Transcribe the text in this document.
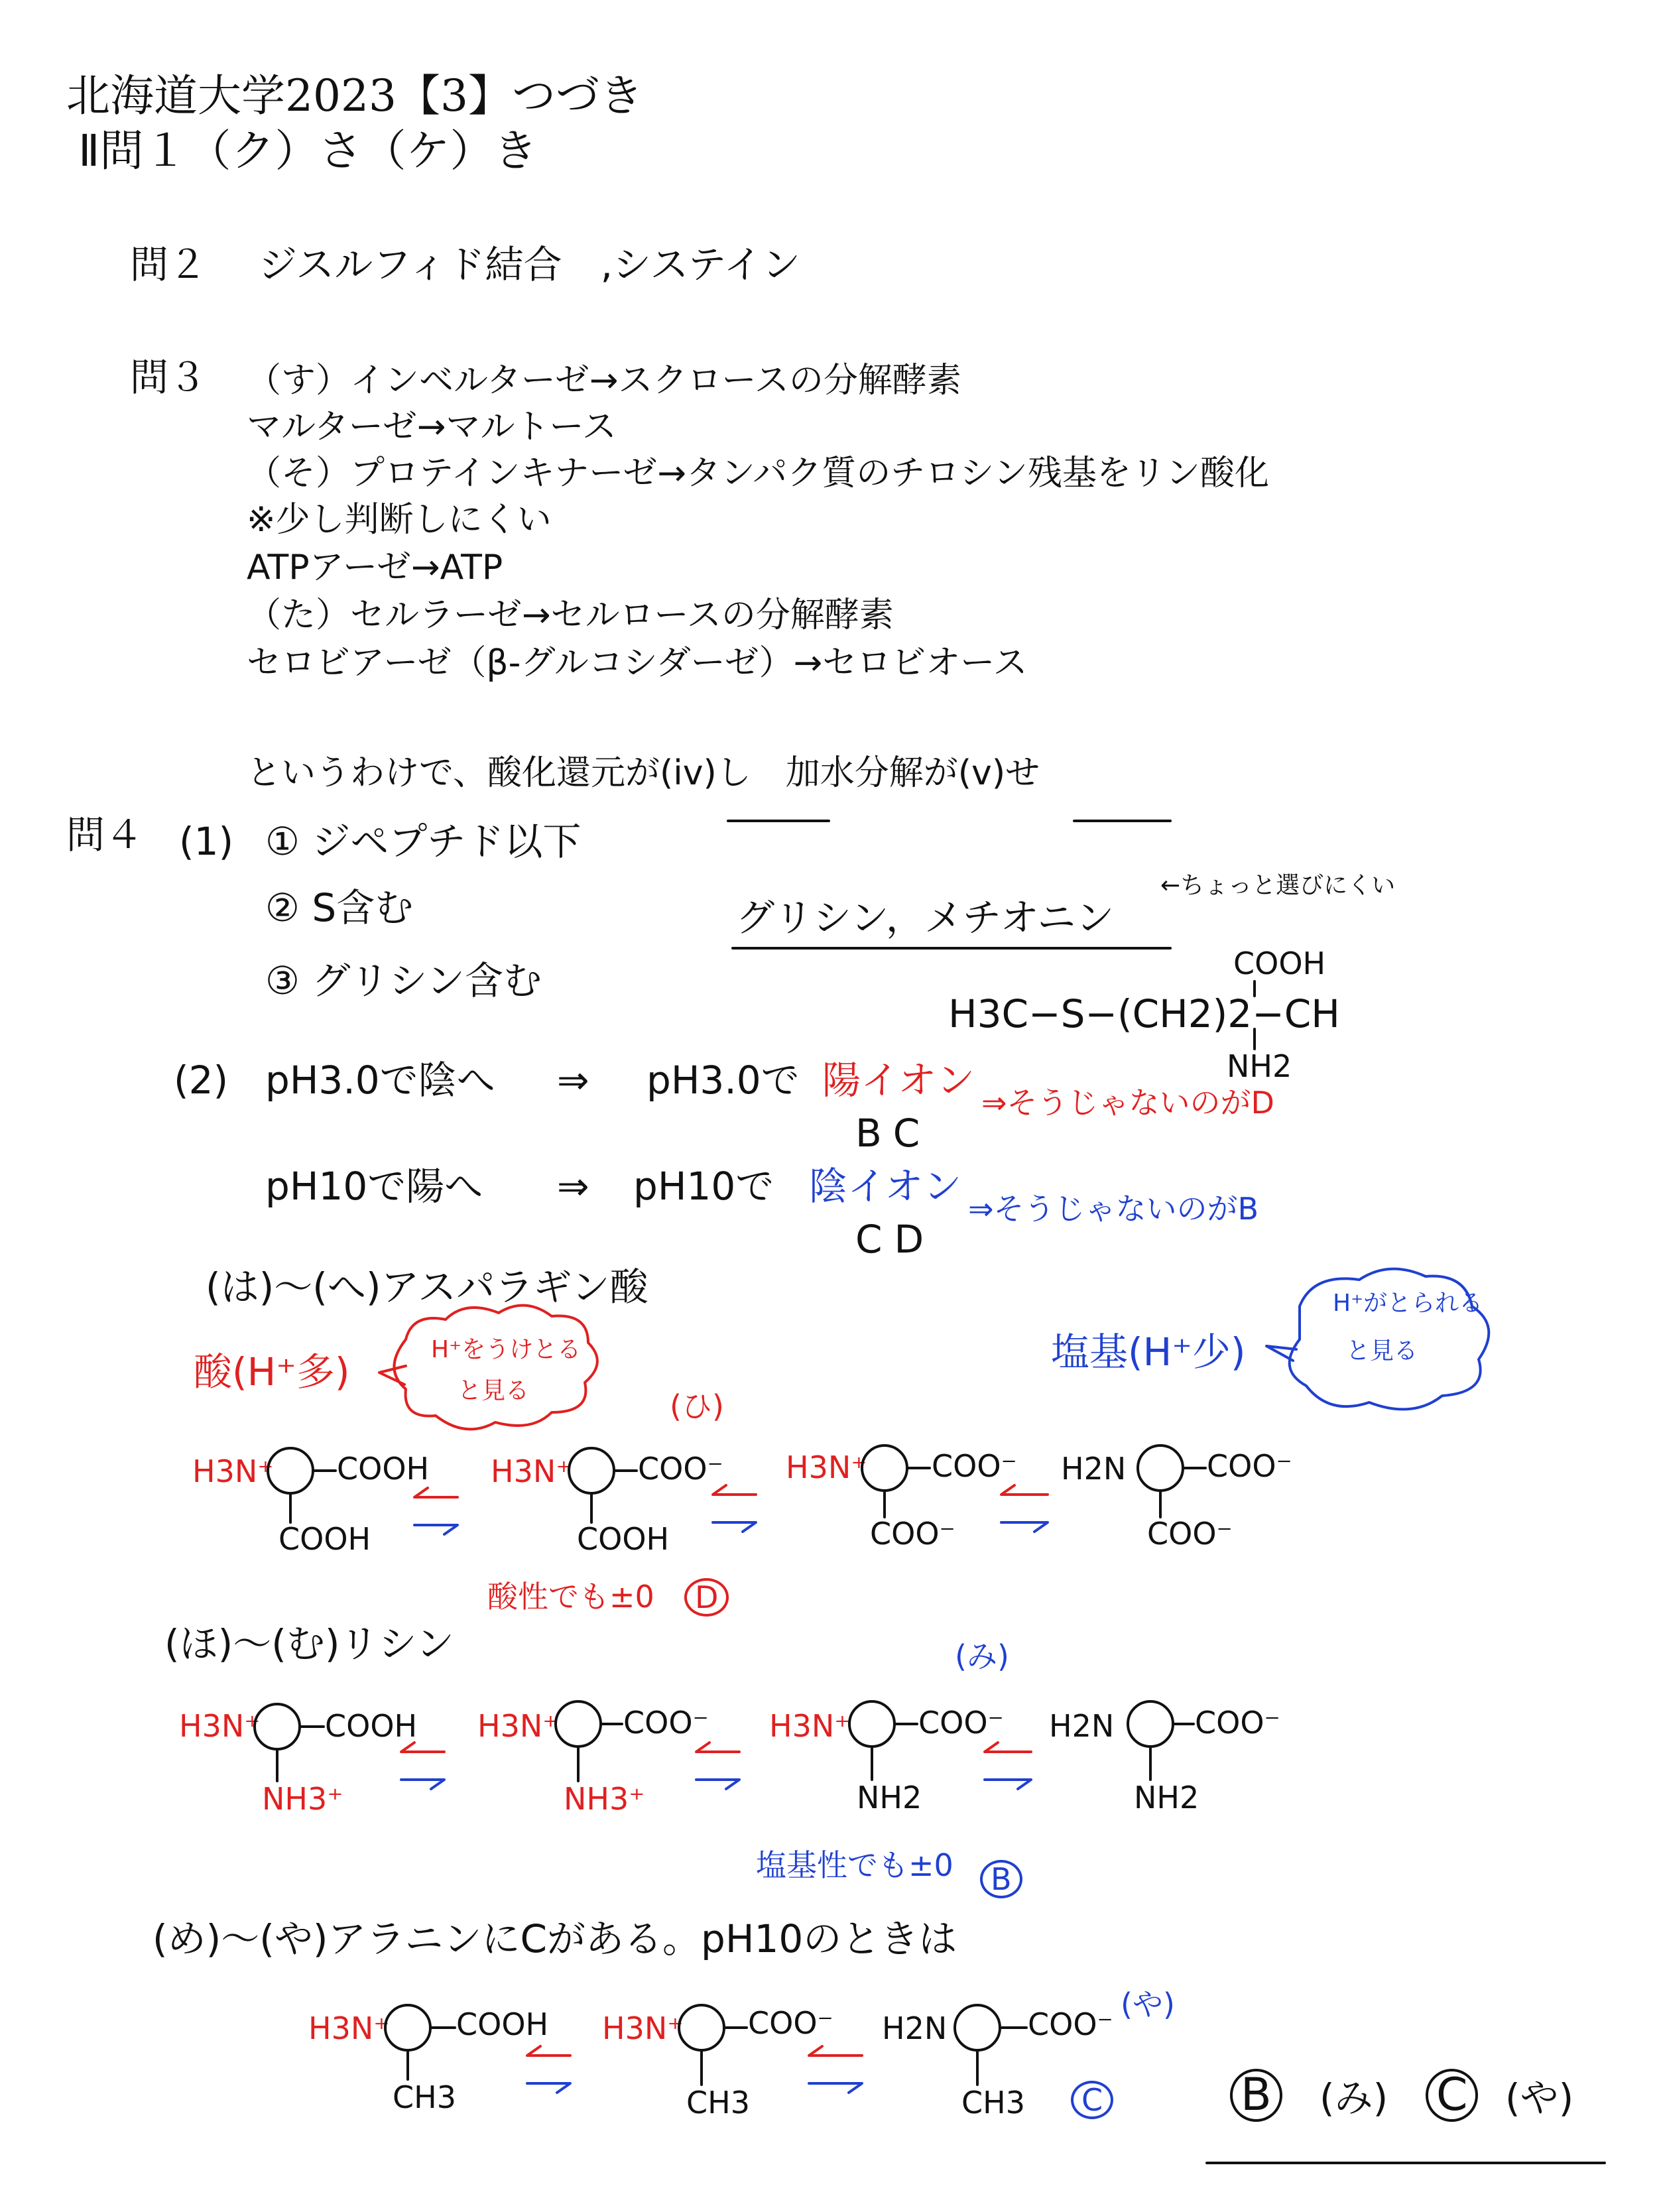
北海道大学2023【3】つづき
Ⅱ問１（ク）さ（ケ）き
問２ ジスルフィド結合　,システイン
問３ （す）インベルターゼ→スクロースの分解酵素
マルターゼ→マルトース
（そ）プロテインキナーゼ→タンパク質のチロシン残基をリン酸化
※少し判断しにくい
ATPアーゼ→ATP
（た）セルラーゼ→セルロースの分解酵素
セロビアーゼ（β-グルコシダーゼ）→セロビオース
というわけで、酸化還元が(iv)し　加水分解が(v)せ
問４ (1) ① ジペプチド以下
② S含む
③ グリシン含む
グリシン，メチオニン
←ちょっと選びにくい
COOH
H3C−S−(CH2)2−CH
NH2
(2) pH3.0で陰へ ⇒ pH3.0で 陽イオン
BC
⇒そうじゃないのがD
pH10で陽へ ⇒ pH10で 陰イオン
CD
⇒そうじゃないのがB
(は)〜(へ)アスパラギン酸
酸(H⁺多)	H⁺をうけとる
と見る
塩基(H⁺少)
H⁺がとられる
と見る
(ひ)
H3N⁺ COOH
COOH
H3N⁺ COO⁻
COOH
H3N⁺ COO⁻
COO⁻
H2N	COO⁻
COO⁻
酸性でも±0	D
(ほ)〜(む)リシン	(み)
H3N⁺ COOH
NH3⁺
H3N⁺ COO⁻
NH3⁺
H3N⁺ COO⁻
NH2
H2N	COO⁻
NH2
塩基性でも±0	B
(め)〜(や)アラニンにCがある。pH10のときは
(や)
H3N⁺ COOH
CH3
H3N⁺ COO⁻
CH3
H2N	COO⁻
CH3	C	B (み) C (や)
